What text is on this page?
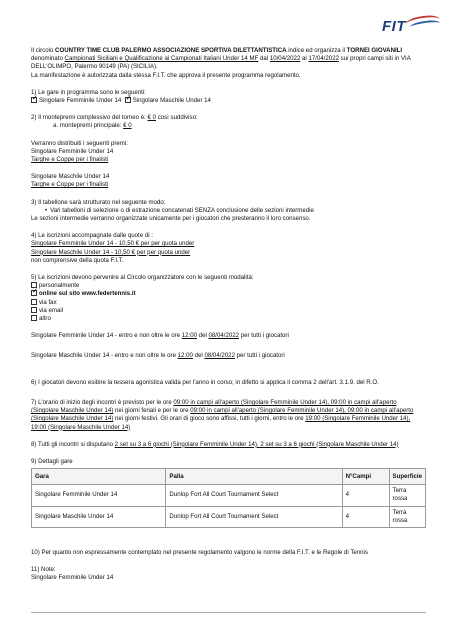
FIT

Il circolo COUNTRY TIME CLUB PALERMO ASSOCIAZIONE SPORTIVA DILETTANTISTICA indice ed organizza il TORNEI GIOVANILI denominato Campionati Siciliani e Qualificazione ai Campionati Italiani Under 14 MF dal 10/04/2022 al 17/04/2022 sui propri campi siti in VIA DELL'OLIMPO, Palermo 90149 (PA) (SICILIA).

La manifestazione è autorizzata dalla stessa F.I.T. che approva il presente programma regolamento.

1) Le gare in programma sono le seguenti:

✓Singolare Femminile Under 14 ✓ Singolare Maschile Under 14

2) Il montepremi complessivo del torneo è: € 0 così suddiviso:

a. montepremi principale: € 0

Verranno distribuiti i seguenti premi:

Singolare Femminile Under 14

Targhe e Coppe per i finalisti

Singolare Maschile Under 14

Targhe e Coppe per i finalisti

3) Il tabellone sarà strutturato nel seguente modo:

• Vari tabelloni di selezione o di estrazione concatenati SENZA conclusione delle sezioni intermedie

Le sezioni intermedie verranno organizzate unicamente per i giocatori che presteranno il loro consenso.

4) Le iscrizioni accompagnate dalle quote di :

Singolare Femminile Under 14 - 10,50 € per per quota under

Singolare Maschile Under 14 - 10,50 € per per quota under

non comprensive della quota F.I.T.

5) Le iscrizioni devono pervenire al Circolo organizzatore con le seguenti modalità:

personalmente

✓online sul sito www.federtennis.it

via fax

via email

altro

Singolare Femminile Under 14 - entro e non oltre le ore 12:00 del 08/04/2022 per tutti i giocatori

Singolare Maschile Under 14 - entro e non oltre le ore 12:00 del 08/04/2022 per tutti i giocatori

6) I giocatori devono esibire la tessera agonistica valida per l'anno in corso; in difetto si applica il comma 2 dell'art. 3.1.9. del R.O.

7) L'orario di inizio degli incontri è previsto per le ore 09:00 in campi all'aperto (Singolare Femminile Under 14), 09:00 in campi all'aperto (Singolare Maschile Under 14) nei giorni feriali e per le ore 09:00 in campi all'aperto (Singolare Femminile Under 14), 09:00 in campi all'aperto (Singolare Maschile Under 14) nei giorni festivi. Gli orari di gioco sono affissi, tutti i giorni, entro le ore 19:00 (Singolare Femminile Under 14), 19:00 (Singolare Maschile Under 14)

8) Tutti gli incontri si disputano 2 set su 3 a 6 giochi (Singolare Femminile Under 14), 2 set su 3 a 6 giochi (Singolare Maschile Under 14)

9) Dettagli gare

Gara	Palla	N°Campi	Superficie
Singolare Femminile Under 14	Dunlop Fort All Court Tournament Select	4	Terra rossa
Singolare Maschile Under 14	Dunlop Fort All Court Tournament Select	4	Terra rossa

10) Per quanto non espressamente contemplato nel presente regolamento valgono le norme della F.I.T. e le Regole di Tennis

11) Note:

Singolare Femminile Under 14
